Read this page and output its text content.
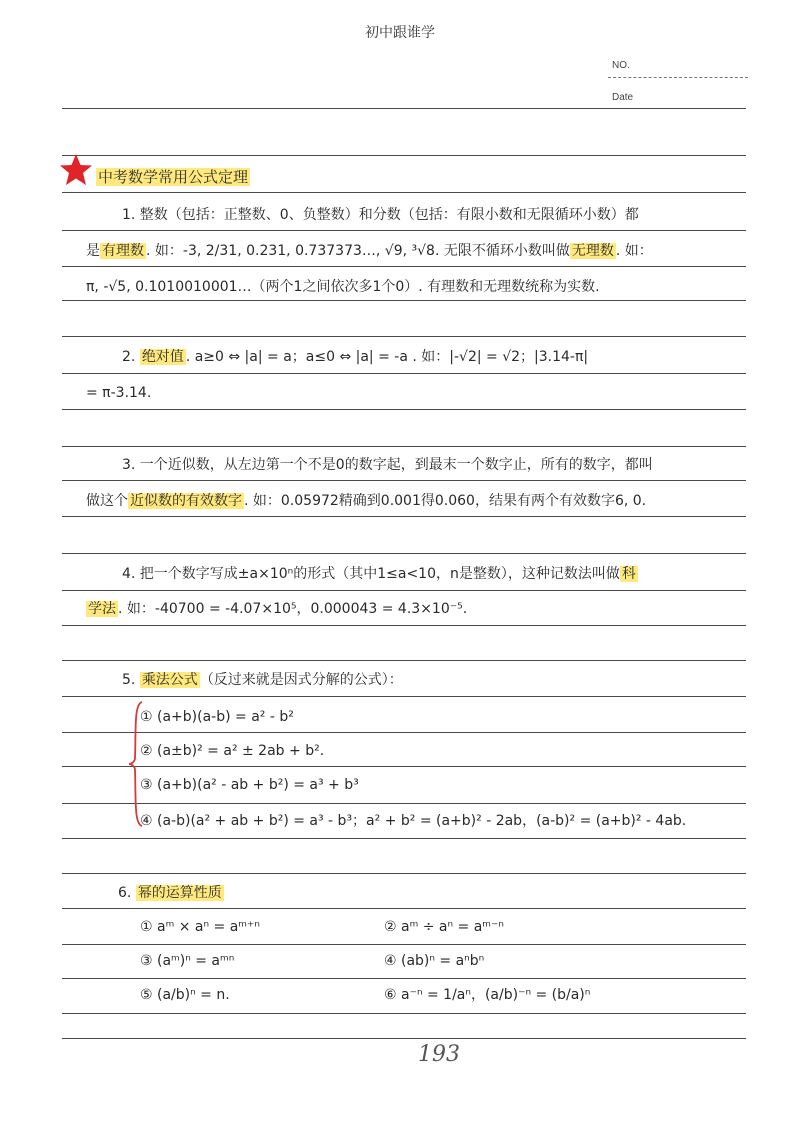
初中跟谁学
NO.
Date
中考数学常用公式定理
1. 整数（包括：正整数、0、负整数）和分数（包括：有限小数和无限循环小数）都
是 有理数 . 如：-3, 2/31, 0.231, 0.737373…, √9, ³√8. 无限不循环小数叫做 无理数 . 如：
π, -√5, 0.1010010001…（两个1之间依次多1个0）. 有理数和无理数统称为实数.
2. 绝对值 . a≥0 ⇔ |a| = a；a≤0 ⇔ |a| = -a . 如：|-√2| = √2；|3.14-π|
= π-3.14.
3. 一个近似数，从左边第一个不是0的数字起，到最末一个数字止，所有的数字，都叫
做这个 近似数的有效数字 . 如：0.05972精确到0.001得0.060，结果有两个有效数字6, 0.
4. 把一个数字写成±a×10ⁿ的形式（其中1≤a<10，n是整数），这种记数法叫做 科
学法 . 如：-40700 = -4.07×10⁵，0.000043 = 4.3×10⁻⁵.
5. 乘法公式 （反过来就是因式分解的公式）：
① (a+b)(a-b) = a² - b²
② (a±b)² = a² ± 2ab + b².
③ (a+b)(a² - ab + b²) = a³ + b³
④ (a-b)(a² + ab + b²) = a³ - b³；a² + b² = (a+b)² - 2ab，(a-b)² = (a+b)² - 4ab.
6. 幂的运算性质
① aᵐ × aⁿ = aᵐ⁺ⁿ	② aᵐ ÷ aⁿ = aᵐ⁻ⁿ
③ (aᵐ)ⁿ = aᵐⁿ	④ (ab)ⁿ = aⁿbⁿ
⑤ (a/b)ⁿ = n.	⑥ a⁻ⁿ = 1/aⁿ，(a/b)⁻ⁿ = (b/a)ⁿ
193
